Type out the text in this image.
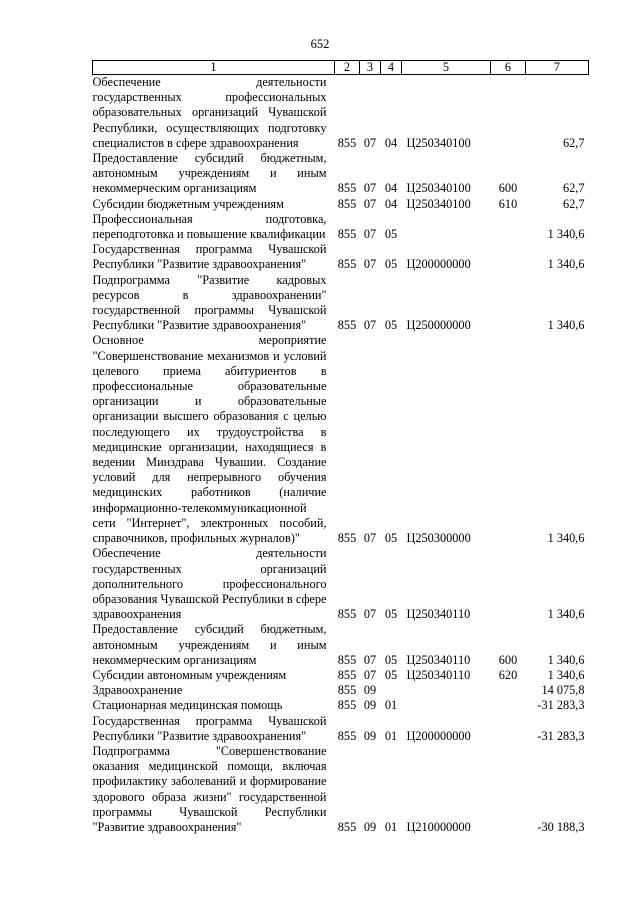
652
1	2	3	4	5	6	7
Обеспечение деятельности государственных профессиональных образовательных организаций Чувашской Республики, осуществляющих подготовку специалистов в сфере здравоохранения	855	07	04	Ц250340100		62,7
Предоставление субсидий бюджетным, автономным учреждениям и иным некоммерческим организациям	855	07	04	Ц250340100	600	62,7
Субсидии бюджетным учреждениям	855	07	04	Ц250340100	610	62,7
Профессиональная подготовка, переподготовка и повышение квалификации	855	07	05			1 340,6
Государственная программа Чувашской Республики "Развитие здравоохранения"	855	07	05	Ц200000000		1 340,6
Подпрограмма "Развитие кадровых ресурсов в здравоохранении" государственной программы Чувашской Республики "Развитие здравоохранения"	855	07	05	Ц250000000		1 340,6
Основное мероприятие "Совершенствование механизмов и условий целевого приема абитуриентов в профессиональные образовательные организации и образовательные организации высшего образования с целью последующего их трудоустройства в медицинские организации, находящиеся в ведении Минздрава Чувашии. Создание условий для непрерывного обучения медицинских работников (наличие информационно-телекоммуникационной сети "Интернет", электронных пособий, справочников, профильных журналов)"	855	07	05	Ц250300000		1 340,6
Обеспечение деятельности государственных организаций дополнительного профессионального образования Чувашской Республики в сфере здравоохранения	855	07	05	Ц250340110		1 340,6
Предоставление субсидий бюджетным, автономным учреждениям и иным некоммерческим организациям	855	07	05	Ц250340110	600	1 340,6
Субсидии автономным учреждениям	855	07	05	Ц250340110	620	1 340,6
Здравоохранение	855	09				14 075,8
Стационарная медицинская помощь	855	09	01			-31 283,3
Государственная программа Чувашской Республики "Развитие здравоохранения"	855	09	01	Ц200000000		-31 283,3
Подпрограмма "Совершенствование оказания медицинской помощи, включая профилактику заболеваний и формирование здорового образа жизни" государственной программы Чувашской Республики "Развитие здравоохранения"	855	09	01	Ц210000000		-30 188,3
